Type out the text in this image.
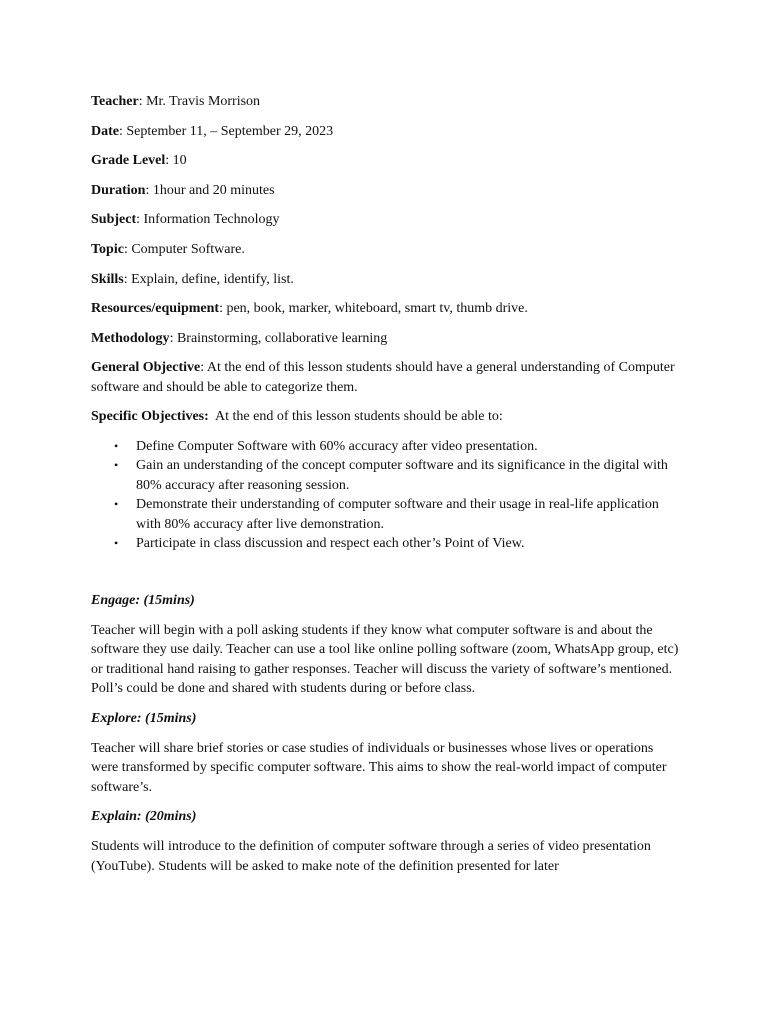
Teacher: Mr. Travis Morrison
Date: September 11, – September 29, 2023
Grade Level: 10
Duration: 1hour and 20 minutes
Subject: Information Technology
Topic: Computer Software.
Skills: Explain, define, identify, list.
Resources/equipment: pen, book, marker, whiteboard, smart tv, thumb drive.
Methodology: Brainstorming, collaborative learning
General Objective: At the end of this lesson students should have a general understanding of Computer software and should be able to categorize them.
Specific Objectives:  At the end of this lesson students should be able to:
• Define Computer Software with 60% accuracy after video presentation.
• Gain an understanding of the concept computer software and its significance in the digital with 80% accuracy after reasoning session.
• Demonstrate their understanding of computer software and their usage in real-life application with 80% accuracy after live demonstration.
• Participate in class discussion and respect each other’s Point of View.
Engage: (15mins)
Teacher will begin with a poll asking students if they know what computer software is and about the software they use daily. Teacher can use a tool like online polling software (zoom, WhatsApp group, etc) or traditional hand raising to gather responses. Teacher will discuss the variety of software’s mentioned. Poll’s could be done and shared with students during or before class.
Explore: (15mins)
Teacher will share brief stories or case studies of individuals or businesses whose lives or operations were transformed by specific computer software. This aims to show the real-world impact of computer software’s.
Explain: (20mins)
Students will introduce to the definition of computer software through a series of video presentation (YouTube). Students will be asked to make note of the definition presented for later
